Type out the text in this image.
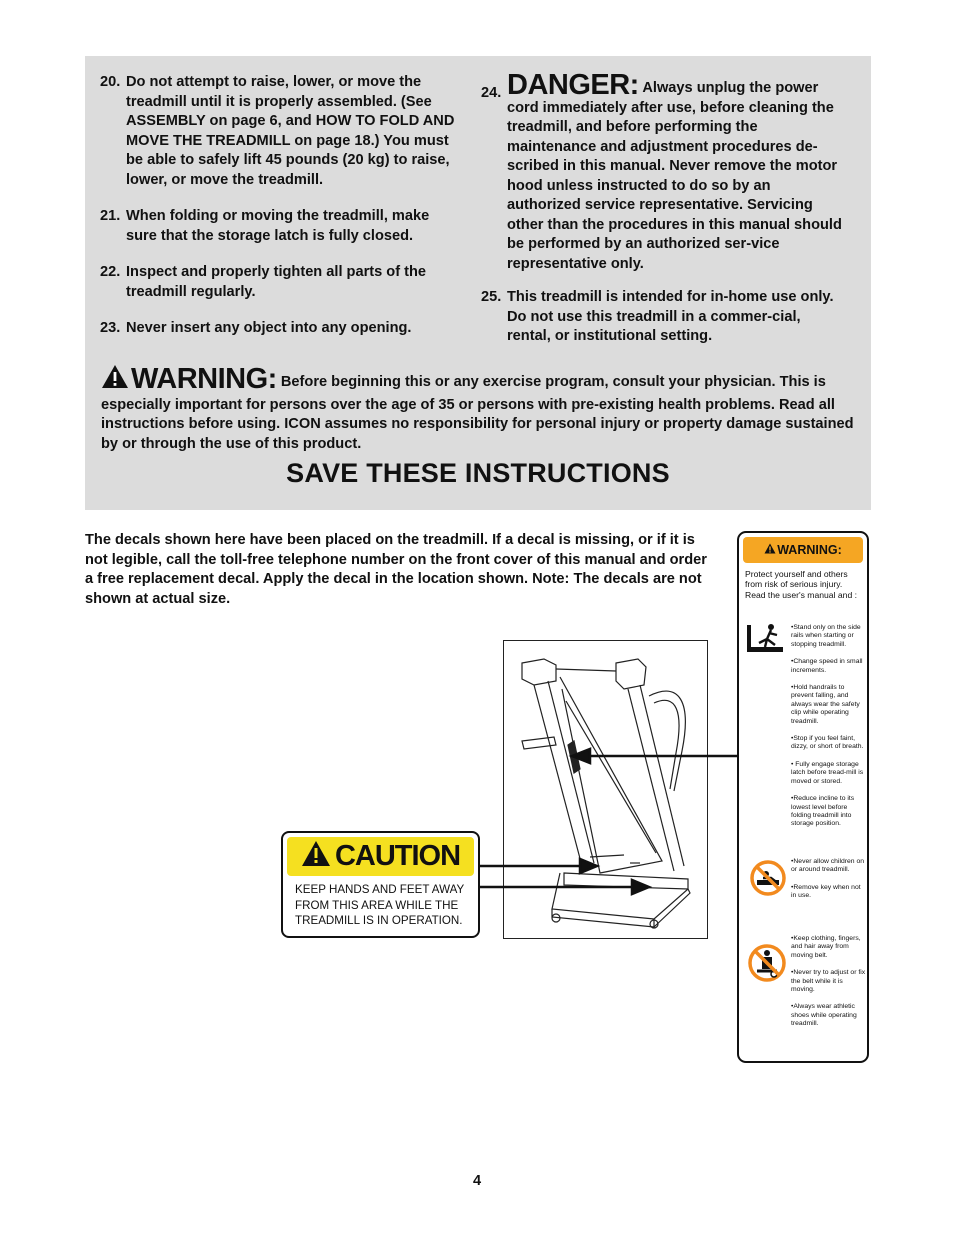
20. Do not attempt to raise, lower, or move the treadmill until it is properly assembled. (See ASSEMBLY on page 6, and HOW TO FOLD AND MOVE THE TREADMILL on page 18.) You must be able to safely lift 45 pounds (20 kg) to raise, lower, or move the treadmill.
21. When folding or moving the treadmill, make sure that the storage latch is fully closed.
22. Inspect and properly tighten all parts of the treadmill regularly.
23. Never insert any object into any opening.
24. DANGER: Always unplug the power cord immediately after use, before cleaning the treadmill, and before performing the maintenance and adjustment procedures de-scribed in this manual. Never remove the motor hood unless instructed to do so by an authorized service representative. Servicing other than the procedures in this manual should be performed by an authorized ser-vice representative only.
25. This treadmill is intended for in-home use only. Do not use this treadmill in a commer-cial, rental, or institutional setting.
WARNING: Before beginning this or any exercise program, consult your physician. This is especially important for persons over the age of 35 or persons with pre-existing health problems. Read all instructions before using. ICON assumes no responsibility for personal injury or property damage sustained by or through the use of this product.
SAVE THESE INSTRUCTIONS
The decals shown here have been placed on the treadmill. If a decal is missing, or if it is not legible, call the toll-free telephone number on the front cover of this manual and order a free replacement decal. Apply the decal in the location shown. Note: The decals are not shown at actual size.
CAUTION
KEEP HANDS AND FEET AWAY
FROM THIS AREA WHILE THE
TREADMILL IS IN OPERATION.
WARNING:
Protect yourself and others from risk of serious injury. Read the user's manual and :

•Stand only on the side rails when starting or stopping treadmill.

•Change speed in small increments.

•Hold handrails to prevent falling, and always wear the safety clip while operating treadmill.

•Stop if you feel faint, dizzy, or short of breath.

• Fully engage storage latch before tread-mill is moved or stored.

•Reduce incline to its lowest level before folding treadmill into storage position.

•Never allow children on or around treadmill.

•Remove key when not in use.

•Keep clothing, fingers, and hair away from moving belt.

•Never try to adjust or fix the belt while it is moving.

•Always wear athletic shoes while operating treadmill.

4
